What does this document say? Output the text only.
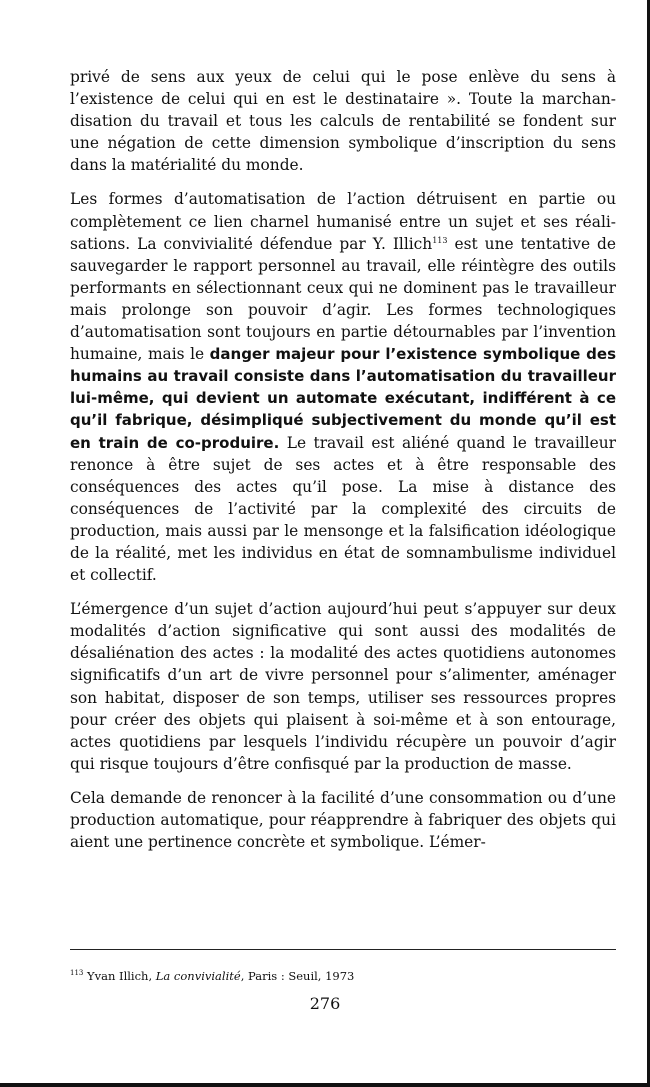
privé de sens aux yeux de celui qui le pose enlève du sens à l’existence de celui qui en est le destinataire ». Toute la marchandisation du travail et tous les calculs de rentabilité se fondent sur une négation de cette dimension symbolique d’inscription du sens dans la matérialité du monde.

Les formes d’automatisation de l’action détruisent en partie ou complètement ce lien charnel humanisé entre un sujet et ses réalisations. La convivialité défendue par Y. Illich$^{113}$ est une tentative de sauvegarder le rapport personnel au travail, elle réintègre des outils performants en sélectionnant ceux qui ne dominent pas le travailleur mais prolonge son pouvoir d’agir. Les formes technologiques d’automatisation sont toujours en partie détournables par l’invention humaine, mais le danger majeur pour l’existence symbolique des humains au travail consiste dans l’automatisation du travailleur lui-même, qui devient un automate exécutant, indifférent à ce qu’il fabrique, désimpliqué subjectivement du monde qu’il est en train de co-produire. Le travail est aliéné quand le travailleur renonce à être sujet de ses actes et à être responsable des conséquences des actes qu’il pose. La mise à distance des conséquences de l’activité par la complexité des circuits de production, mais aussi par le mensonge et la falsification idéologique de la réalité, met les individus en état de somnambulisme individuel et collectif.

L’émergence d’un sujet d’action aujourd’hui peut s’appuyer sur deux modalités d’action significative qui sont aussi des modalités de désaliénation des actes : la modalité des actes quotidiens autonomes significatifs d’un art de vivre personnel pour s’alimenter, aménager son habitat, disposer de son temps, utiliser ses ressources propres pour créer des objets qui plaisent à soi-même et à son entourage, actes quotidiens par lesquels l’individu récupère un pouvoir d’agir qui risque toujours d’être confisqué par la production de masse.

Cela demande de renoncer à la facilité d’une consommation ou d’une production automatique, pour réapprendre à fabriquer des objets qui aient une pertinence concrète et symbolique. L’émer-

$^{113}$ Yvan Illich, La convivialité, Paris : Seuil, 1973
276
